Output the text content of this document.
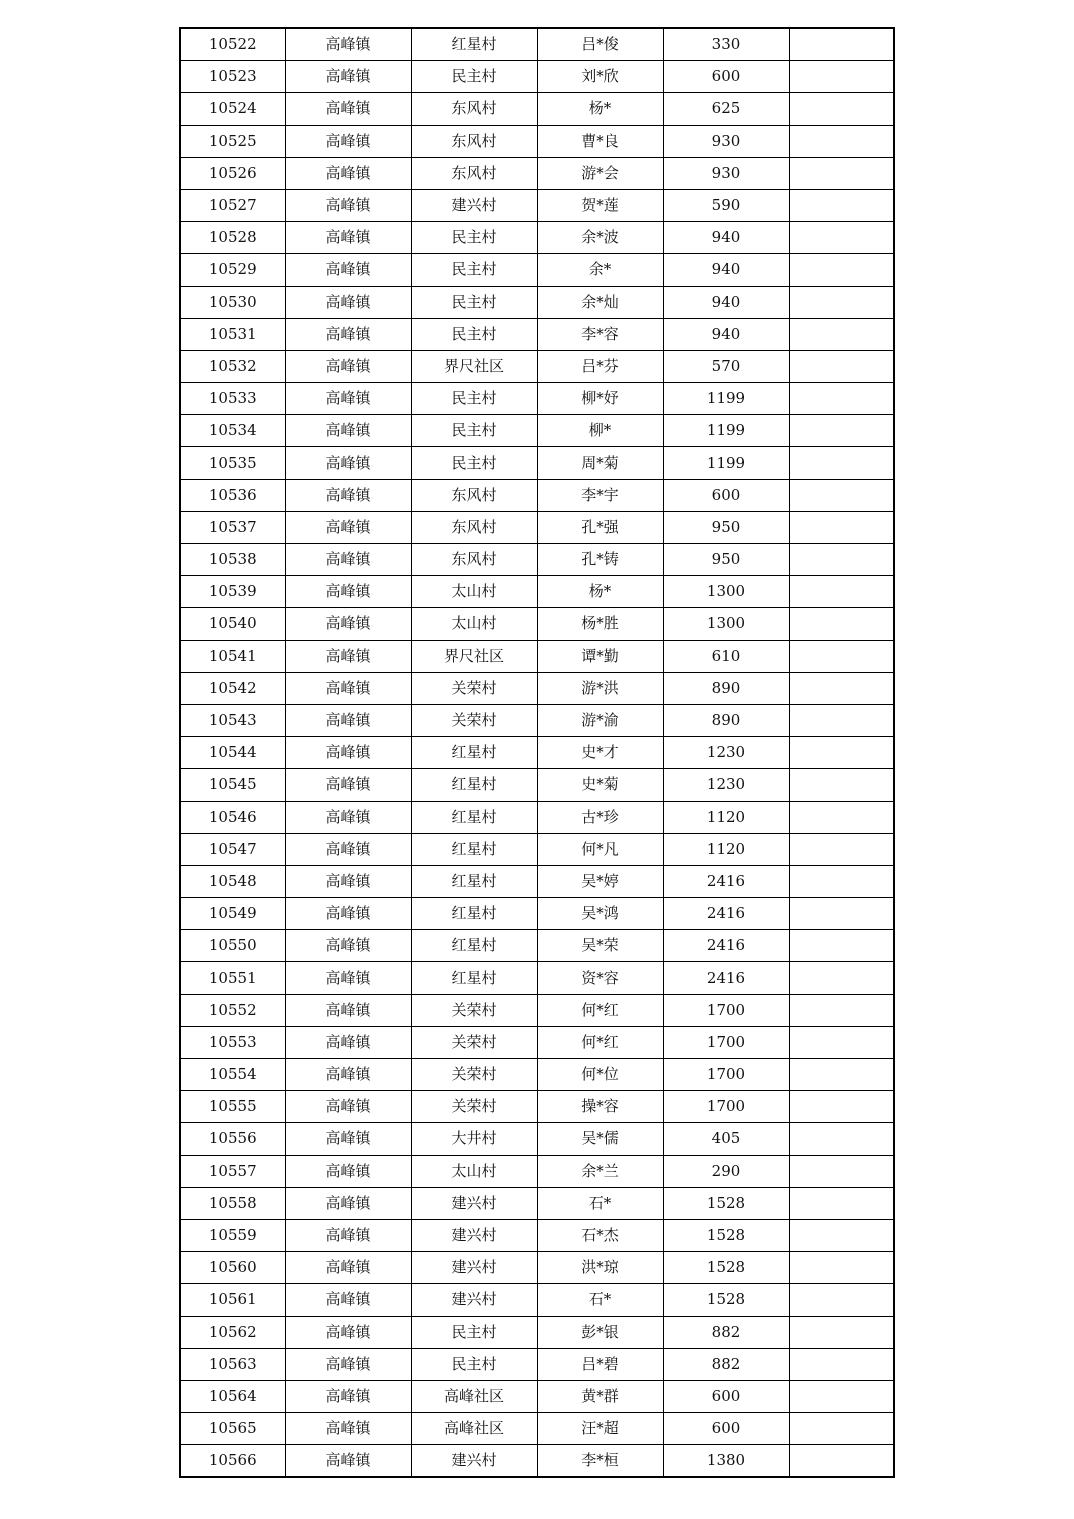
10522	高峰镇	红星村	吕*俊	330	
10523	高峰镇	民主村	刘*欣	600	
10524	高峰镇	东风村	杨*	625	
10525	高峰镇	东风村	曹*良	930	
10526	高峰镇	东风村	游*会	930	
10527	高峰镇	建兴村	贺*莲	590	
10528	高峰镇	民主村	余*波	940	
10529	高峰镇	民主村	余*	940	
10530	高峰镇	民主村	余*灿	940	
10531	高峰镇	民主村	李*容	940	
10532	高峰镇	界尺社区	吕*芬	570	
10533	高峰镇	民主村	柳*妤	1199	
10534	高峰镇	民主村	柳*	1199	
10535	高峰镇	民主村	周*菊	1199	
10536	高峰镇	东风村	李*宇	600	
10537	高峰镇	东风村	孔*强	950	
10538	高峰镇	东风村	孔*铸	950	
10539	高峰镇	太山村	杨*	1300	
10540	高峰镇	太山村	杨*胜	1300	
10541	高峰镇	界尺社区	谭*勤	610	
10542	高峰镇	关荣村	游*洪	890	
10543	高峰镇	关荣村	游*渝	890	
10544	高峰镇	红星村	史*才	1230	
10545	高峰镇	红星村	史*菊	1230	
10546	高峰镇	红星村	古*珍	1120	
10547	高峰镇	红星村	何*凡	1120	
10548	高峰镇	红星村	吴*婷	2416	
10549	高峰镇	红星村	吴*鸿	2416	
10550	高峰镇	红星村	吴*荣	2416	
10551	高峰镇	红星村	资*容	2416	
10552	高峰镇	关荣村	何*红	1700	
10553	高峰镇	关荣村	何*红	1700	
10554	高峰镇	关荣村	何*位	1700	
10555	高峰镇	关荣村	操*容	1700	
10556	高峰镇	大井村	吴*儒	405	
10557	高峰镇	太山村	余*兰	290	
10558	高峰镇	建兴村	石*	1528	
10559	高峰镇	建兴村	石*杰	1528	
10560	高峰镇	建兴村	洪*琼	1528	
10561	高峰镇	建兴村	石*	1528	
10562	高峰镇	民主村	彭*银	882	
10563	高峰镇	民主村	吕*碧	882	
10564	高峰镇	高峰社区	黄*群	600	
10565	高峰镇	高峰社区	汪*超	600	
10566	高峰镇	建兴村	李*桓	1380	
